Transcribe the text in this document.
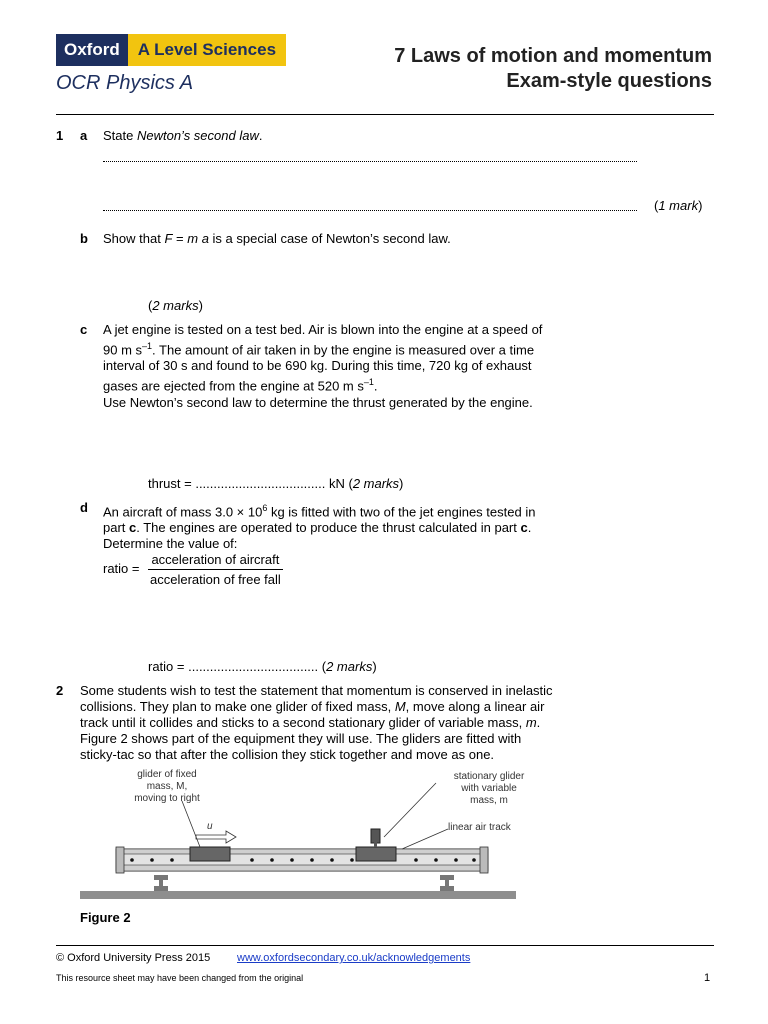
Oxford	A Level Sciences
OCR Physics A
7 Laws of motion and momentum
Exam-style questions
1 a State Newton’s second law.
(1 mark)
b Show that F = m a is a special case of Newton’s second law.
(2 marks)
c A jet engine is tested on a test bed. Air is blown into the engine at a speed of
90 m $s^{-1}$. The amount of air taken in by the engine is measured over a time
interval of 30 s and found to be 690 kg. During this time, 720 kg of exhaust
gases are ejected from the engine at 520 m $s^{-1}$.
Use Newton’s second law to determine the thrust generated by the engine.
thrust = .................................... kN (2 marks)
d An aircraft of mass $3.0 \times 10^6$ kg is fitted with two of the jet engines tested in
part c. The engines are operated to produce the thrust calculated in part c.
Determine the value of:
ratio =
acceleration of aircraft
acceleration of free fall
ratio = .................................... (2 marks)
2 Some students wish to test the statement that momentum is conserved in inelastic
collisions. They plan to make one glider of fixed mass, M, move along a linear air
track until it collides and sticks to a second stationary glider of variable mass, m.
Figure 2 shows part of the equipment they will use. The gliders are fitted with
sticky-tac so that after the collision they stick together and move as one.
glider of fixed
mass, M,
moving to right
stationary glider
with variable
mass, m
linear air track
u
Figure 2
© Oxford University Press 2015 www.oxfordsecondary.co.uk/acknowledgements
This resource sheet may have been changed from the original	1
